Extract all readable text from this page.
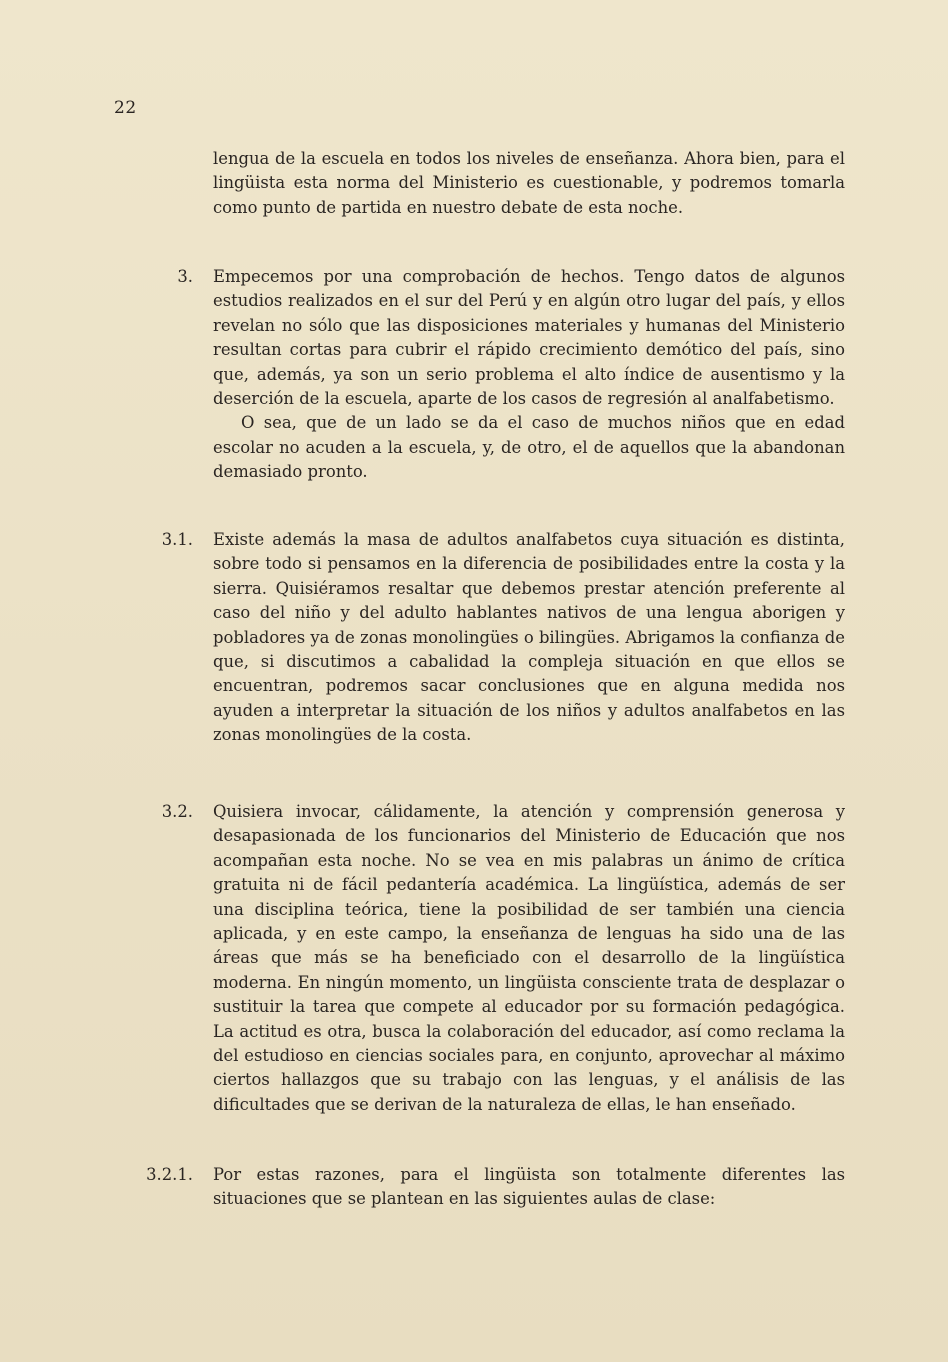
22

lengua de la escuela en todos los niveles de enseñanza. Ahora bien, para el lingüista esta norma del Ministerio es cuestionable, y podremos tomarla como punto de partida en nuestro debate de esta noche.

3. Empecemos por una comprobación de hechos. Tengo datos de algunos estudios realizados en el sur del Perú y en algún otro lugar del país, y ellos revelan no sólo que las disposiciones materiales y humanas del Ministerio resultan cortas para cubrir el rápido crecimiento demótico del país, sino que, además, ya son un serio problema el alto índice de ausentismo y la deserción de la escuela, aparte de los casos de regresión al analfabetismo.

O sea, que de un lado se da el caso de muchos niños que en edad escolar no acuden a la escuela, y, de otro, el de aquellos que la abandonan demasiado pronto.

3.1. Existe además la masa de adultos analfabetos cuya situación es distinta, sobre todo si pensamos en la diferencia de posibilidades entre la costa y la sierra. Quisiéramos resaltar que debemos prestar atención preferente al caso del niño y del adulto hablantes nativos de una lengua aborigen y pobladores ya de zonas monolingües o bilingües. Abrigamos la confianza de que, si discutimos a cabalidad la compleja situación en que ellos se encuentran, podremos sacar conclusiones que en alguna medida nos ayuden a interpretar la situación de los niños y adultos analfabetos en las zonas monolingües de la costa.

3.2. Quisiera invocar, cálidamente, la atención y comprensión generosa y desapasionada de los funcionarios del Ministerio de Educación que nos acompañan esta noche. No se vea en mis palabras un ánimo de crítica gratuita ni de fácil pedantería académica. La lingüística, además de ser una disciplina teórica, tiene la posibilidad de ser también una ciencia aplicada, y en este campo, la enseñanza de lenguas ha sido una de las áreas que más se ha beneficiado con el desarrollo de la lingüística moderna. En ningún momento, un lingüista consciente trata de desplazar o sustituir la tarea que compete al educador por su formación pedagógica. La actitud es otra, busca la colaboración del educador, así como reclama la del estudioso en ciencias sociales para, en conjunto, aprovechar al máximo ciertos hallazgos que su trabajo con las lenguas, y el análisis de las dificultades que se derivan de la naturaleza de ellas, le han enseñado.

3.2.1. Por estas razones, para el lingüista son totalmente diferentes las situaciones que se plantean en las siguientes aulas de clase:
